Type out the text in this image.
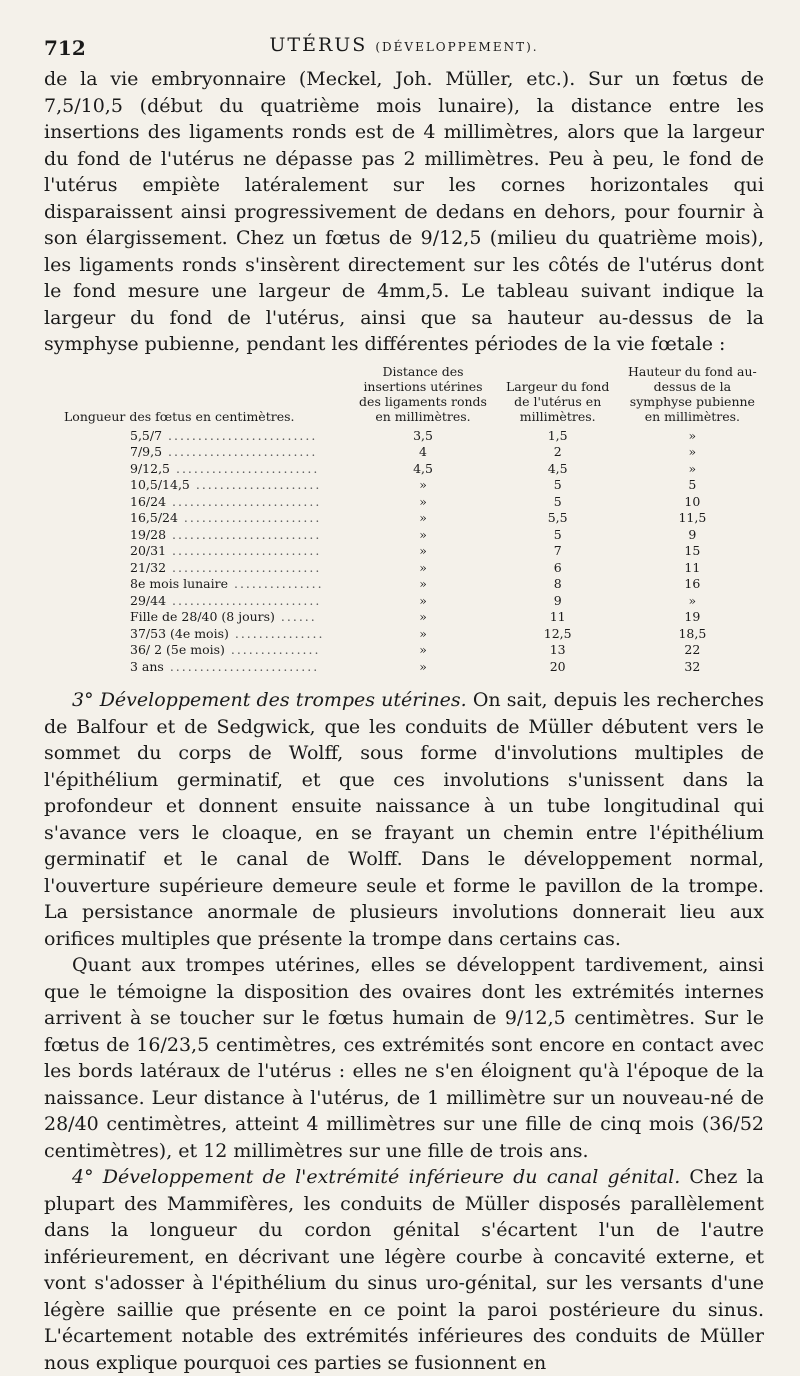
712	UTÉRUS (DÉVELOPPEMENT).

de la vie embryonnaire (Meckel, Joh. Müller, etc.). Sur un fœtus de 7,5/10,5 (début du quatrième mois lunaire), la distance entre les insertions des ligaments ronds est de 4 millimètres, alors que la largeur du fond de l'utérus ne dépasse pas 2 millimètres. Peu à peu, le fond de l'utérus empiète latéralement sur les cornes horizontales qui disparaissent ainsi progressivement de dedans en dehors, pour fournir à son élargissement. Chez un fœtus de 9/12,5 (milieu du quatrième mois), les ligaments ronds s'insèrent directement sur les côtés de l'utérus dont le fond mesure une largeur de 4mm,5. Le tableau suivant indique la largeur du fond de l'utérus, ainsi que sa hauteur au-dessus de la symphyse pubienne, pendant les différentes périodes de la vie fœtale :

Longueur des fœtus en centimètres.	Distance des insertions utérines des ligaments ronds en millimètres.	Largeur du fond de l'utérus en millimètres.	Hauteur du fond au-dessus de la symphyse pubienne en millimètres.
5,5/7 .........................	3,5	1,5	»
7/9,5 .........................	4	2	»
9/12,5 ........................	4,5	4,5	»
10,5/14,5 .....................	»	5	5
16/24 .........................	»	5	10
16,5/24 .......................	»	5,5	11,5
19/28 .........................	»	5	9
20/31 .........................	»	7	15
21/32 .........................	»	6	11
8e mois lunaire ...............	»	8	16
29/44 .........................	»	9	»
Fille de 28/40 (8 jours) ......	»	11	19
37/53 (4e mois) ...............	»	12,5	18,5
36/ 2 (5e mois) ...............	»	13	22
3 ans .........................	»	20	32

3° Développement des trompes utérines. On sait, depuis les recherches de Balfour et de Sedgwick, que les conduits de Müller débutent vers le sommet du corps de Wolff, sous forme d'involutions multiples de l'épithélium germinatif, et que ces involutions s'unissent dans la profondeur et donnent ensuite naissance à un tube longitudinal qui s'avance vers le cloaque, en se frayant un chemin entre l'épithélium germinatif et le canal de Wolff. Dans le développement normal, l'ouverture supérieure demeure seule et forme le pavillon de la trompe. La persistance anormale de plusieurs involutions donnerait lieu aux orifices multiples que présente la trompe dans certains cas.

Quant aux trompes utérines, elles se développent tardivement, ainsi que le témoigne la disposition des ovaires dont les extrémités internes arrivent à se toucher sur le fœtus humain de 9/12,5 centimètres. Sur le fœtus de 16/23,5 centimètres, ces extrémités sont encore en contact avec les bords latéraux de l'utérus : elles ne s'en éloignent qu'à l'époque de la naissance. Leur distance à l'utérus, de 1 millimètre sur un nouveau-né de 28/40 centimètres, atteint 4 millimètres sur une fille de cinq mois (36/52 centimètres), et 12 millimètres sur une fille de trois ans.

4° Développement de l'extrémité inférieure du canal génital. Chez la plupart des Mammifères, les conduits de Müller disposés parallèlement dans la longueur du cordon génital s'écartent l'un de l'autre inférieurement, en décrivant une légère courbe à concavité externe, et vont s'adosser à l'épithélium du sinus uro-génital, sur les versants d'une légère saillie que présente en ce point la paroi postérieure du sinus. L'écartement notable des extrémités inférieures des conduits de Müller nous explique pourquoi ces parties se fusionnent en
